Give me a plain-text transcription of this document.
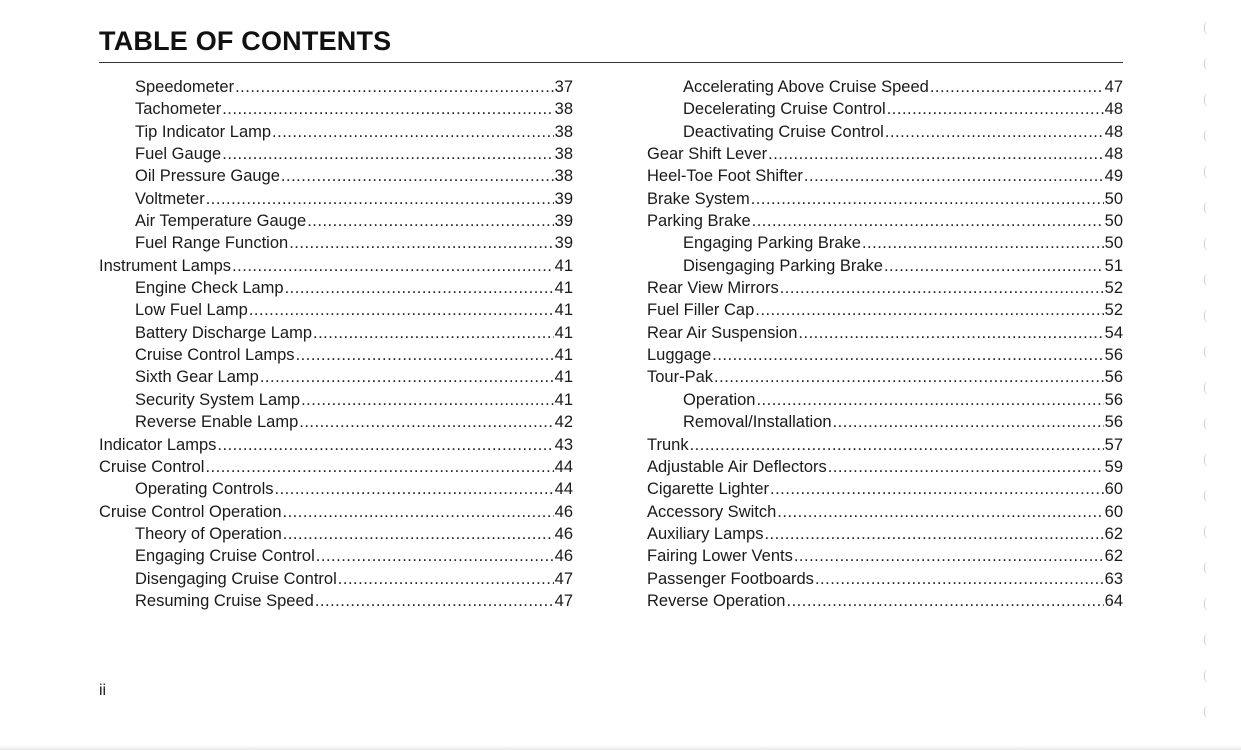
TABLE OF CONTENTS
Speedometer .....	37
Tachometer .....	38
Tip Indicator Lamp .....	38
Fuel Gauge .....	38
Oil Pressure Gauge .....	38
Voltmeter .....	39
Air Temperature Gauge .....	39
Fuel Range Function .....	39
Instrument Lamps .....	41
Engine Check Lamp .....	41
Low Fuel Lamp .....	41
Battery Discharge Lamp .....	41
Cruise Control Lamps .....	41
Sixth Gear Lamp .....	41
Security System Lamp .....	41
Reverse Enable Lamp .....	42
Indicator Lamps .....	43
Cruise Control .....	44
Operating Controls .....	44
Cruise Control Operation .....	46
Theory of Operation .....	46
Engaging Cruise Control .....	46
Disengaging Cruise Control .....	47
Resuming Cruise Speed .....	47
Accelerating Above Cruise Speed .....	47
Decelerating Cruise Control .....	48
Deactivating Cruise Control .....	48
Gear Shift Lever .....	48
Heel-Toe Foot Shifter .....	49
Brake System .....	50
Parking Brake .....	50
Engaging Parking Brake .....	50
Disengaging Parking Brake .....	51
Rear View Mirrors .....	52
Fuel Filler Cap .....	52
Rear Air Suspension .....	54
Luggage .....	56
Tour-Pak .....	56
Operation .....	56
Removal/Installation .....	56
Trunk .....	57
Adjustable Air Deflectors .....	59
Cigarette Lighter .....	60
Accessory Switch .....	60
Auxiliary Lamps .....	62
Fairing Lower Vents .....	62
Passenger Footboards .....	63
Reverse Operation .....	64
ii
